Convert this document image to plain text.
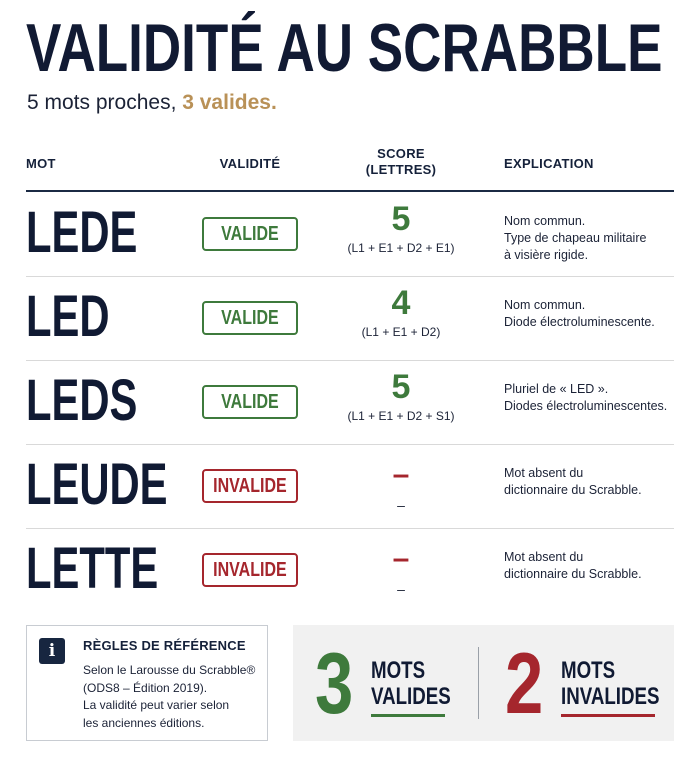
VALIDITÉ AU SCRABBLE
5 mots proches, 3 valides.
MOT	VALIDITÉ
SCORE
(LETTRES)	EXPLICATION
LEDE	VALIDE	5
(L1 + E1 + D2 + E1)
Nom commun.
Type de chapeau militaire
à visière rigide.
LED	VALIDE	4
(L1 + E1 + D2)
Nom commun.
Diode électroluminescente.
LEDS	VALIDE	5
(L1 + E1 + D2 + S1)
Pluriel de « LED ».
Diodes électroluminescentes.
LEUDE INVALIDE	–
–
Mot absent du
dictionnaire du Scrabble.
LETTE	INVALIDE	–
–
Mot absent du
dictionnaire du Scrabble.
i	RÈGLES DE RÉFÉRENCE
Selon le Larousse du Scrabble®
(ODS8 – Édition 2019).
La validité peut varier selon
les anciennes éditions.	3 MOTS
VALIDES 2 MOTS
INVALIDES
